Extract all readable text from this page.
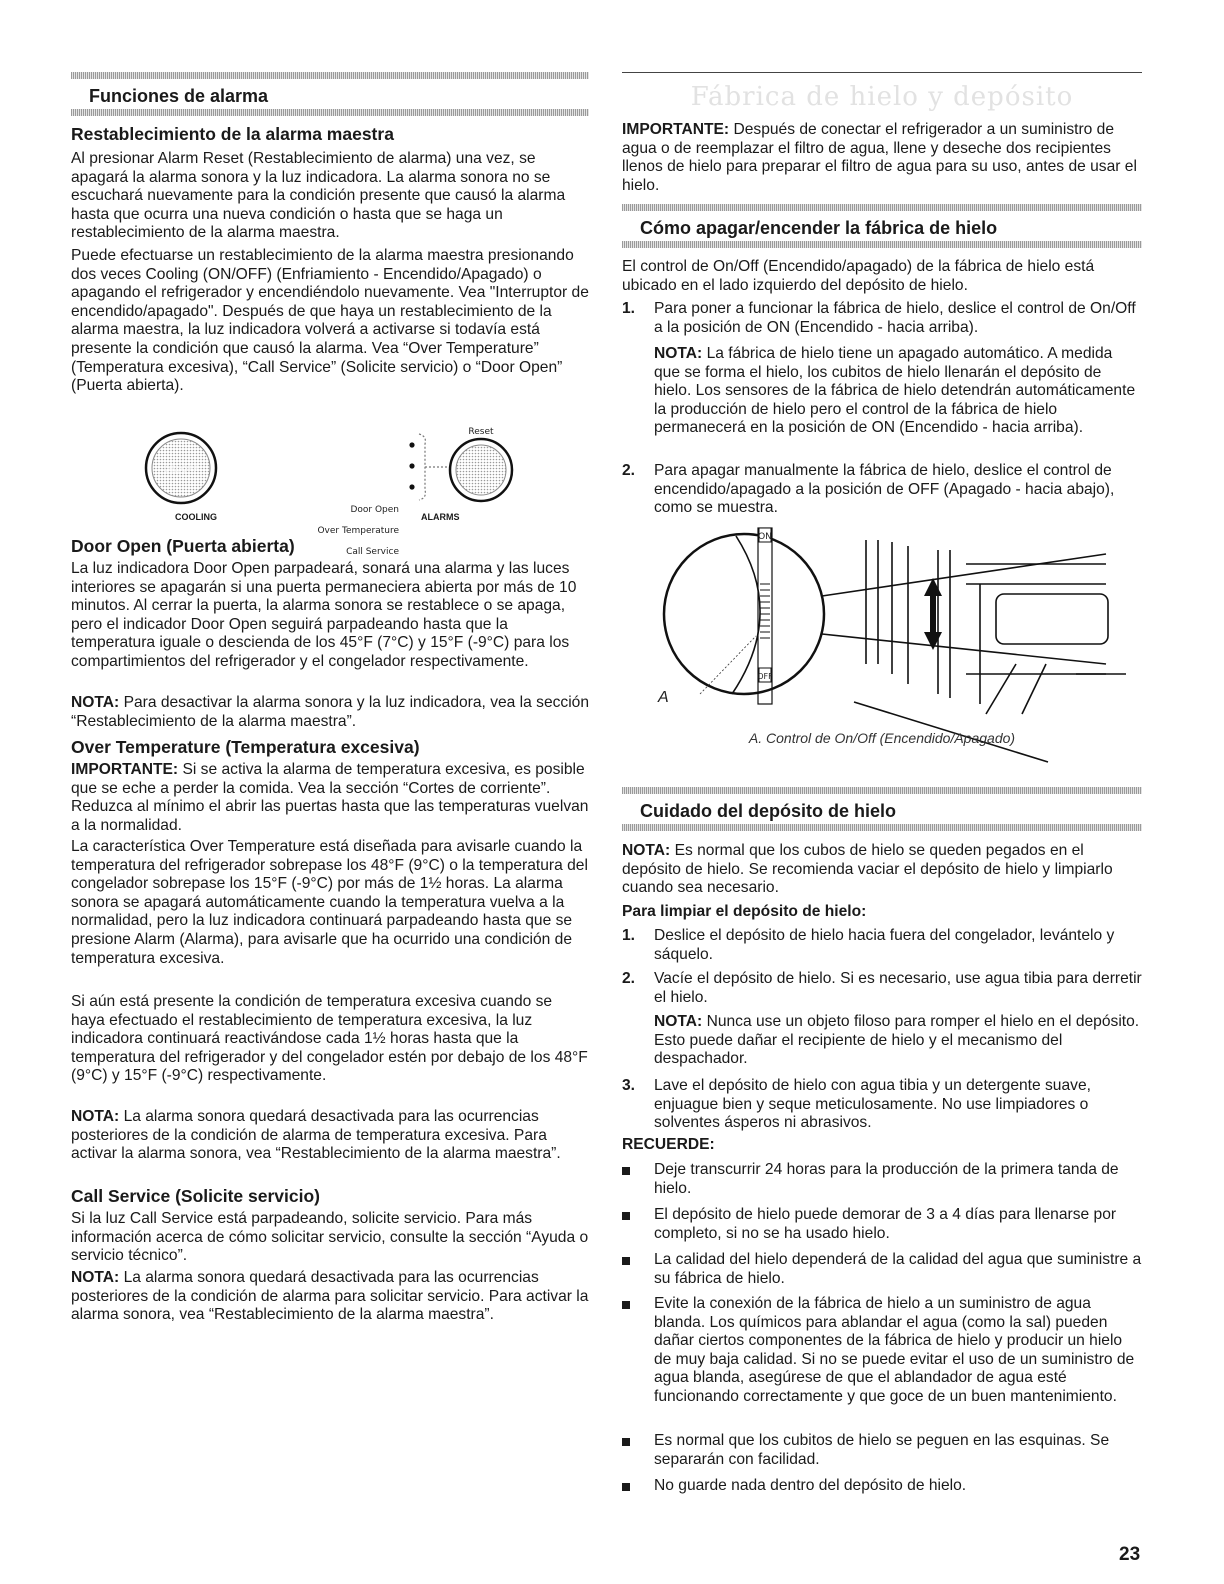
Funciones de alarma
Restablecimiento de la alarma maestra

Al presionar Alarm Reset (Restablecimiento de alarma) una vez, se apagará la alarma sonora y la luz indicadora. La alarma sonora no se escuchará nuevamente para la condición presente que causó la alarma hasta que ocurra una nueva condición o hasta que se haga un restablecimiento de la alarma maestra.

Puede efectuarse un restablecimiento de la alarma maestra presionando dos veces Cooling (ON/OFF) (Enfriamiento - Encendido/Apagado) o apagando el refrigerador y encendiéndolo nuevamente. Vea "Interruptor de encendido/apagado". Después de que haya un restablecimiento de la alarma maestra, la luz indicadora volverá a activarse si todavía está presente la condición que causó la alarma. Vea “Over Temperature” (Temperatura excesiva), “Call Service” (Solicite servicio) o “Door Open” (Puerta abierta).

ON/OFF
Door Open
Over Temperature
Call Service
Reset
COOLING	ALARMS
Door Open (Puerta abierta)

La luz indicadora Door Open parpadeará, sonará una alarma y las luces interiores se apagarán si una puerta permaneciera abierta por más de 10 minutos. Al cerrar la puerta, la alarma sonora se restablece o se apaga, pero el indicador Door Open seguirá parpadeando hasta que la temperatura iguale o descienda de los 45°F (7°C) y 15°F (-9°C) para los compartimientos del refrigerador y el congelador respectivamente.

NOTA: Para desactivar la alarma sonora y la luz indicadora, vea la sección “Restablecimiento de la alarma maestra”.

Over Temperature (Temperatura excesiva)

IMPORTANTE: Si se activa la alarma de temperatura excesiva, es posible que se eche a perder la comida. Vea la sección “Cortes de corriente”. Reduzca al mínimo el abrir las puertas hasta que las temperaturas vuelvan a la normalidad.

La característica Over Temperature está diseñada para avisarle cuando la temperatura del refrigerador sobrepase los 48°F (9°C) o la temperatura del congelador sobrepase los 15°F (-9°C) por más de 1½ horas. La alarma sonora se apagará automáticamente cuando la temperatura vuelva a la normalidad, pero la luz indicadora continuará parpadeando hasta que se presione Alarm (Alarma), para avisarle que ha ocurrido una condición de temperatura excesiva.

Si aún está presente la condición de temperatura excesiva cuando se haya efectuado el restablecimiento de temperatura excesiva, la luz indicadora continuará reactivándose cada 1½ horas hasta que la temperatura del refrigerador y del congelador estén por debajo de los 48°F (9°C) y 15°F (-9°C) respectivamente.

NOTA: La alarma sonora quedará desactivada para las ocurrencias posteriores de la condición de alarma de temperatura excesiva. Para activar la alarma sonora, vea “Restablecimiento de la alarma maestra”.

Call Service (Solicite servicio)

Si la luz Call Service está parpadeando, solicite servicio. Para más información acerca de cómo solicitar servicio, consulte la sección “Ayuda o servicio técnico”.

NOTA: La alarma sonora quedará desactivada para las ocurrencias posteriores de la condición de alarma para solicitar servicio. Para activar la alarma sonora, vea “Restablecimiento de la alarma maestra”.

Fábrica de hielo y depósito

IMPORTANTE: Después de conectar el refrigerador a un suministro de agua o de reemplazar el filtro de agua, llene y deseche dos recipientes llenos de hielo para preparar el filtro de agua para su uso, antes de usar el hielo.

Cómo apagar/encender la fábrica de hielo

El control de On/Off (Encendido/apagado) de la fábrica de hielo está ubicado en el lado izquierdo del depósito de hielo.

1. Para poner a funcionar la fábrica de hielo, deslice el control de On/Off a la posición de ON (Encendido - hacia arriba).

NOTA: La fábrica de hielo tiene un apagado automático. A medida que se forma el hielo, los cubitos de hielo llenarán el depósito de hielo. Los sensores de la fábrica de hielo detendrán automáticamente la producción de hielo pero el control de la fábrica de hielo permanecerá en la posición de ON (Encendido - hacia arriba).

2. Para apagar manualmente la fábrica de hielo, deslice el control de encendido/apagado a la posición de OFF (Apagado - hacia abajo), como se muestra.

ON
OFF
A
A. Control de On/Off (Encendido/Apagado)
Cuidado del depósito de hielo

NOTA: Es normal que los cubos de hielo se queden pegados en el depósito de hielo. Se recomienda vaciar el depósito de hielo y limpiarlo cuando sea necesario.

Para limpiar el depósito de hielo:

1. Deslice el depósito de hielo hacia fuera del congelador, levántelo y sáquelo.

2. Vacíe el depósito de hielo. Si es necesario, use agua tibia para derretir el hielo.

NOTA: Nunca use un objeto filoso para romper el hielo en el depósito. Esto puede dañar el recipiente de hielo y el mecanismo del despachador.

3. Lave el depósito de hielo con agua tibia y un detergente suave, enjuague bien y seque meticulosamente. No use limpiadores o solventes ásperos ni abrasivos.

RECUERDE:

Deje transcurrir 24 horas para la producción de la primera tanda de hielo.

El depósito de hielo puede demorar de 3 a 4 días para llenarse por completo, si no se ha usado hielo.

La calidad del hielo dependerá de la calidad del agua que suministre a su fábrica de hielo.

Evite la conexión de la fábrica de hielo a un suministro de agua blanda. Los químicos para ablandar el agua (como la sal) pueden dañar ciertos componentes de la fábrica de hielo y producir un hielo de muy baja calidad. Si no se puede evitar el uso de un suministro de agua blanda, asegúrese de que el ablandador de agua esté funcionando correctamente y que goce de un buen mantenimiento.

Es normal que los cubitos de hielo se peguen en las esquinas. Se separarán con facilidad.

No guarde nada dentro del depósito de hielo.

23
